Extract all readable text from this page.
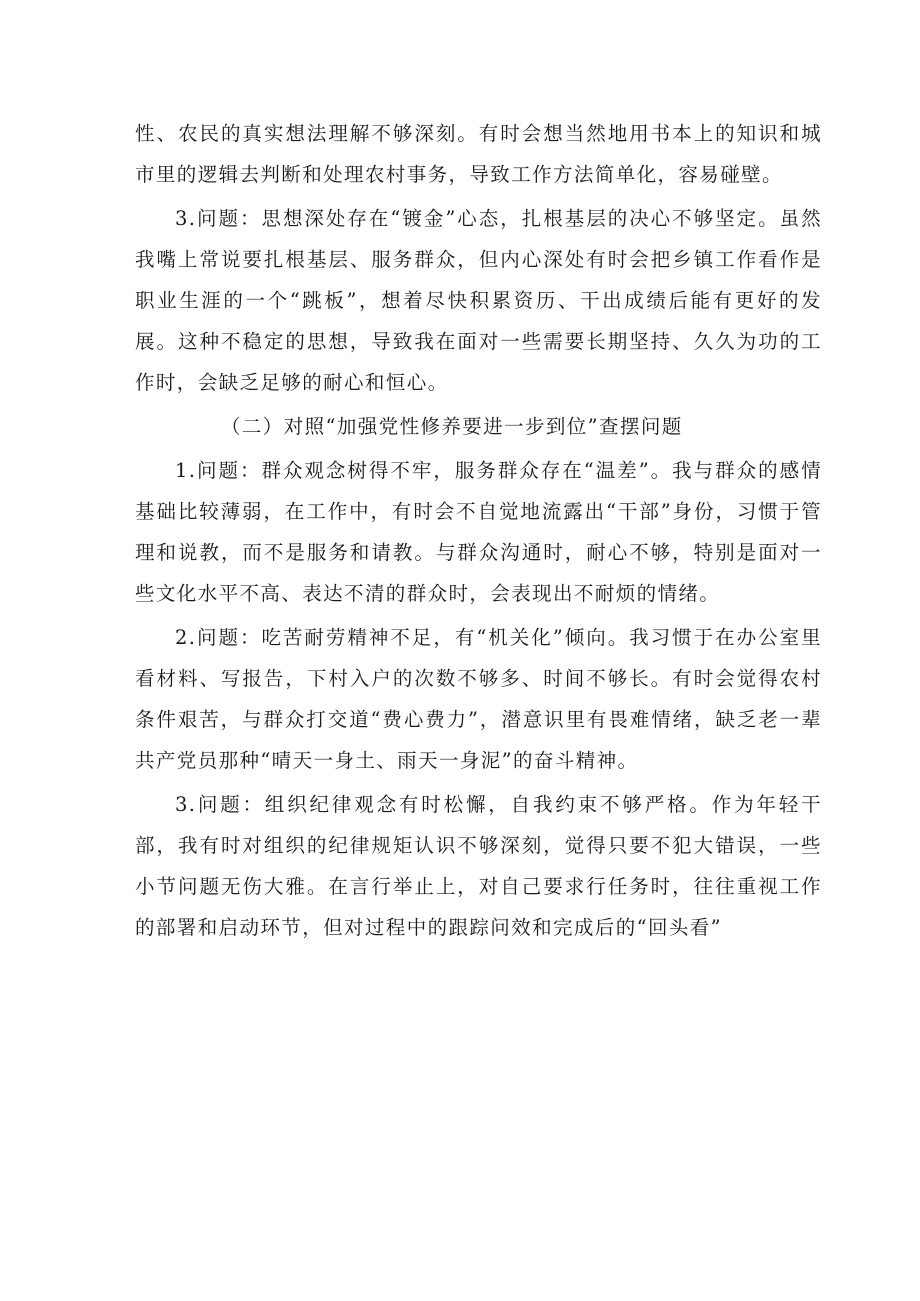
性、农民的真实想法理解不够深刻。有时会想当然地用书本上的知识和城市里的逻辑去判断和处理农村事务，导致工作方法简单化，容易碰壁。

3.问题：思想深处存在“镀金”心态，扎根基层的决心不够坚定。虽然我嘴上常说要扎根基层、服务群众，但内心深处有时会把乡镇工作看作是职业生涯的一个“跳板”，想着尽快积累资历、干出成绩后能有更好的发展。这种不稳定的思想，导致我在面对一些需要长期坚持、久久为功的工作时，会缺乏足够的耐心和恒心。

（二）对照“加强党性修养要进一步到位”查摆问题

1.问题：群众观念树得不牢，服务群众存在“温差”。我与群众的感情基础比较薄弱，在工作中，有时会不自觉地流露出“干部”身份，习惯于管理和说教，而不是服务和请教。与群众沟通时，耐心不够，特别是面对一些文化水平不高、表达不清的群众时，会表现出不耐烦的情绪。

2.问题：吃苦耐劳精神不足，有“机关化”倾向。我习惯于在办公室里看材料、写报告，下村入户的次数不够多、时间不够长。有时会觉得农村条件艰苦，与群众打交道“费心费力”，潜意识里有畏难情绪，缺乏老一辈共产党员那种“晴天一身土、雨天一身泥”的奋斗精神。

3.问题：组织纪律观念有时松懈，自我约束不够严格。作为年轻干部，我有时对组织的纪律规矩认识不够深刻，觉得只要不犯大错误，一些小节问题无伤大雅。在言行举止上，对自己要求行任务时，往往重视工作的部署和启动环节，但对过程中的跟踪问效和完成后的“回头看”
